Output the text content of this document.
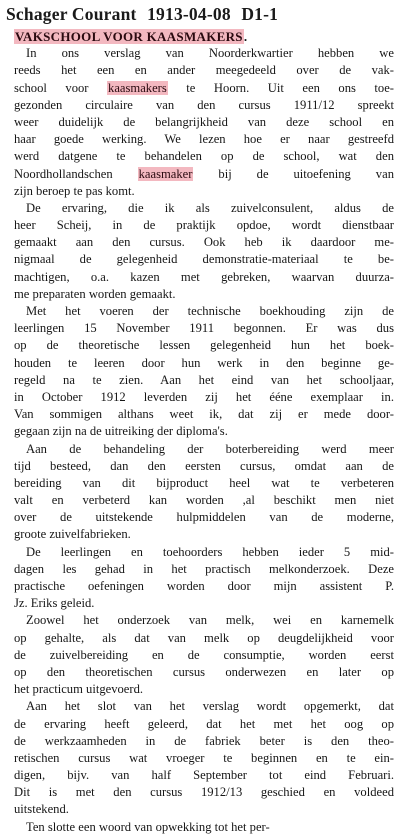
Schager Courant 1913-04-08 D1-1
VAKSCHOOL VOOR KAASMAKERS.
In ons verslag van Noorderkwartier hebben we
reeds het een en ander meegedeeld over de vak-
school voor kaasmakers te Hoorn. Uit een ons toe-
gezonden circulaire van den cursus 1911/12 spreekt
weer duidelijk de belangrijkheid van deze school en
haar goede werking. We lezen hoe er naar gestreefd
werd datgene te behandelen op de school, wat den
Noordhollandschen kaasmaker bij de uitoefening van
zijn beroep te pas komt.
De ervaring, die ik als zuivelconsulent, aldus de
heer Scheij, in de praktijk opdoe, wordt dienstbaar
gemaakt aan den cursus. Ook heb ik daardoor me-
nigmaal de gelegenheid demonstratie-materiaal te be-
machtigen, o.a. kazen met gebreken, waarvan duurza-
me preparaten worden gemaakt.
Met het voeren der technische boekhouding zijn de
leerlingen 15 November 1911 begonnen. Er was dus
op de theoretische lessen gelegenheid hun het boek-
houden te leeren door hun werk in den beginne ge-
regeld na te zien. Aan het eind van het schooljaar,
in October 1912 leverden zij het ééne exemplaar in.
Van sommigen althans weet ik, dat zij er mede door-
gegaan zijn na de uitreiking der diploma's.
Aan de behandeling der boterbereiding werd meer
tijd besteed, dan den eersten cursus, omdat aan de
bereiding van dit bijproduct heel wat te verbeteren
valt en verbeterd kan worden ,al beschikt men niet
over de uitstekende hulpmiddelen van de moderne,
groote zuivelfabrieken.
De leerlingen en toehoorders hebben ieder 5 mid-
dagen les gehad in het practisch melkonderzoek. Deze
practische oefeningen worden door mijn assistent P.
Jz. Eriks geleid.
Zoowel het onderzoek van melk, wei en karnemelk
op gehalte, als dat van melk op deugdelijkheid voor
de zuivelbereiding en de consumptie, worden eerst
op den theoretischen cursus onderwezen en later op
het practicum uitgevoerd.
Aan het slot van het verslag wordt opgemerkt, dat
de ervaring heeft geleerd, dat het met het oog op
de werkzaamheden in de fabriek beter is den theo-
retischen cursus wat vroeger te beginnen en te ein-
digen, bijv. van half September tot eind Februari.
Dit is met den cursus 1912/13 geschied en voldeed
uitstekend.
Ten slotte een woord van opwekking tot het per-
